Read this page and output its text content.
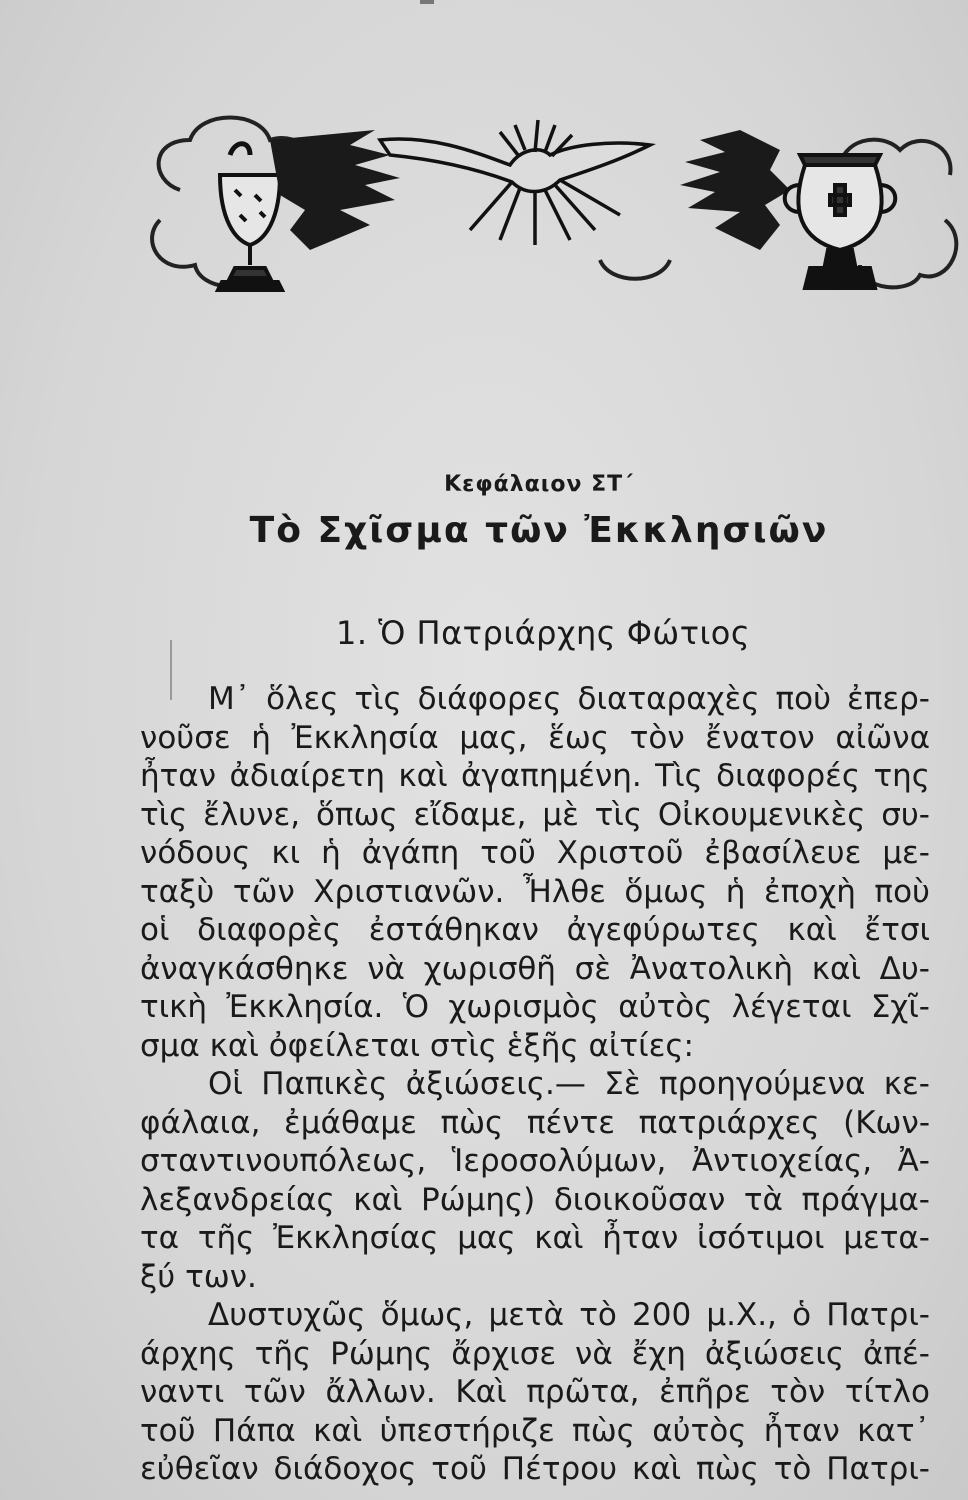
Κεφάλαιον ΣΤ΄
Τὸ Σχῖσμα τῶν Ἐκκλησιῶν
1. Ὁ Πατριάρχης Φώτιος
Μ᾿ ὅλες τὶς διάφορες διαταραχὲς ποὺ ἐπερ-
νοῦσε ἡ Ἐκκλησία μας, ἕως τὸν ἔνατον αἰῶνα
ἦταν ἀδιαίρετη καὶ ἀγαπημένη. Τὶς διαφορές της
τὶς ἔλυνε, ὅπως εἴδαμε, μὲ τὶς Οἰκουμενικὲς συ-
νόδους κι ἡ ἀγάπη τοῦ Χριστοῦ ἐβασίλευε με-
ταξὺ τῶν Χριστιανῶν. Ἦλθε ὅμως ἡ ἐποχὴ ποὺ
οἱ διαφορὲς ἐστάθηκαν ἀγεφύρωτες καὶ ἔτσι
ἀναγκάσθηκε νὰ χωρισθῆ σὲ Ἀνατολικὴ καὶ Δυ-
τικὴ Ἐκκλησία. Ὁ χωρισμὸς αὐτὸς λέγεται Σχῖ-
σμα καὶ ὀφείλεται στὶς ἑξῆς αἰτίες:
Οἱ Παπικὲς ἀξιώσεις.— Σὲ προηγούμενα κε-
φάλαια, ἐμάθαμε πὼς πέντε πατριάρχες (Κων-
σταντινουπόλεως, Ἱεροσολύμων, Ἀντιοχείας, Ἀ-
λεξανδρείας καὶ Ρώμης) διοικοῦσαν τὰ πράγμα-
τα τῆς Ἐκκλησίας μας καὶ ἦταν ἰσότιμοι μετα-
ξύ των.
Δυστυχῶς ὅμως, μετὰ τὸ 200 μ.Χ., ὁ Πατρι-
άρχης τῆς Ρώμης ἄρχισε νὰ ἔχη ἀξιώσεις ἀπέ-
ναντι τῶν ἄλλων. Καὶ πρῶτα, ἐπῆρε τὸν τίτλο
τοῦ Πάπα καὶ ὑπεστήριζε πὼς αὐτὸς ἦταν κατ᾿
εὐθεῖαν διάδοχος τοῦ Πέτρου καὶ πὼς τὸ Πατρι-
